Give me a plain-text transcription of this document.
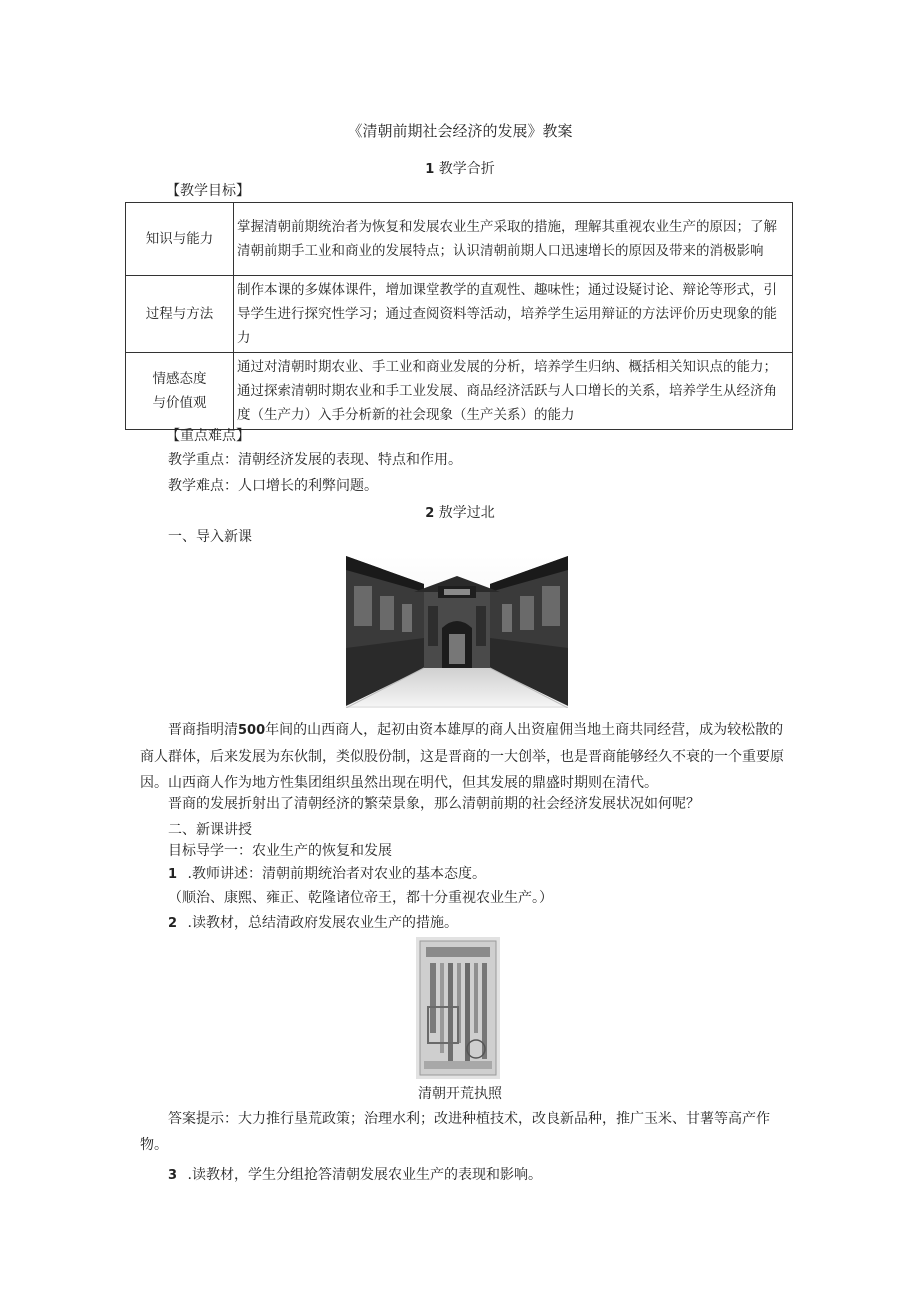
《清朝前期社会经济的发展》教案
1 教学合折
【教学目标】
知识与能力	掌握清朝前期统治者为恢复和发展农业生产采取的措施，理解其重视农业生产的原因；了解清朝前期手工业和商业的发展特点；认识清朝前期人口迅速增长的原因及带来的消极影响
过程与方法	制作本课的多媒体课件，增加课堂教学的直观性、趣味性；通过设疑讨论、辩论等形式，引导学生进行探究性学习；通过查阅资料等活动，培养学生运用辩证的方法评价历史现象的能力

情感态度
与价值观	通过对清朝时期农业、手工业和商业发展的分析，培养学生归纳、概括相关知识点的能力；通过探索清朝时期农业和手工业发展、商品经济活跃与人口增长的关系，培养学生从经济角度（生产力）入手分析新的社会现象（生产关系）的能力
【重点难点】
教学重点：清朝经济发展的表现、特点和作用。
教学难点：人口增长的利弊问题。
2 敖学过北
一、导入新课
晋商指明清500年间的山西商人，起初由资本雄厚的商人出资雇佣当地土商共同经营，成为较松散的商人群体，后来发展为东伙制，类似股份制，这是晋商的一大创举，也是晋商能够经久不衰的一个重要原因。山西商人作为地方性集团组织虽然出现在明代，但其发展的鼎盛时期则在清代。
晋商的发展折射出了清朝经济的繁荣景象，那么清朝前期的社会经济发展状况如何呢？
二、新课讲授
目标导学一：农业生产的恢复和发展
1 .教师讲述：清朝前期统治者对农业的基本态度。
（顺治、康熙、雍正、乾隆诸位帝王，都十分重视农业生产。）
2 .读教材，总结清政府发展农业生产的措施。
清朝开荒执照
答案提示：大力推行垦荒政策；治理水利；改进种植技术，改良新品种，推广玉米、甘薯等高产作物。
3 .读教材，学生分组抢答清朝发展农业生产的表现和影响。
